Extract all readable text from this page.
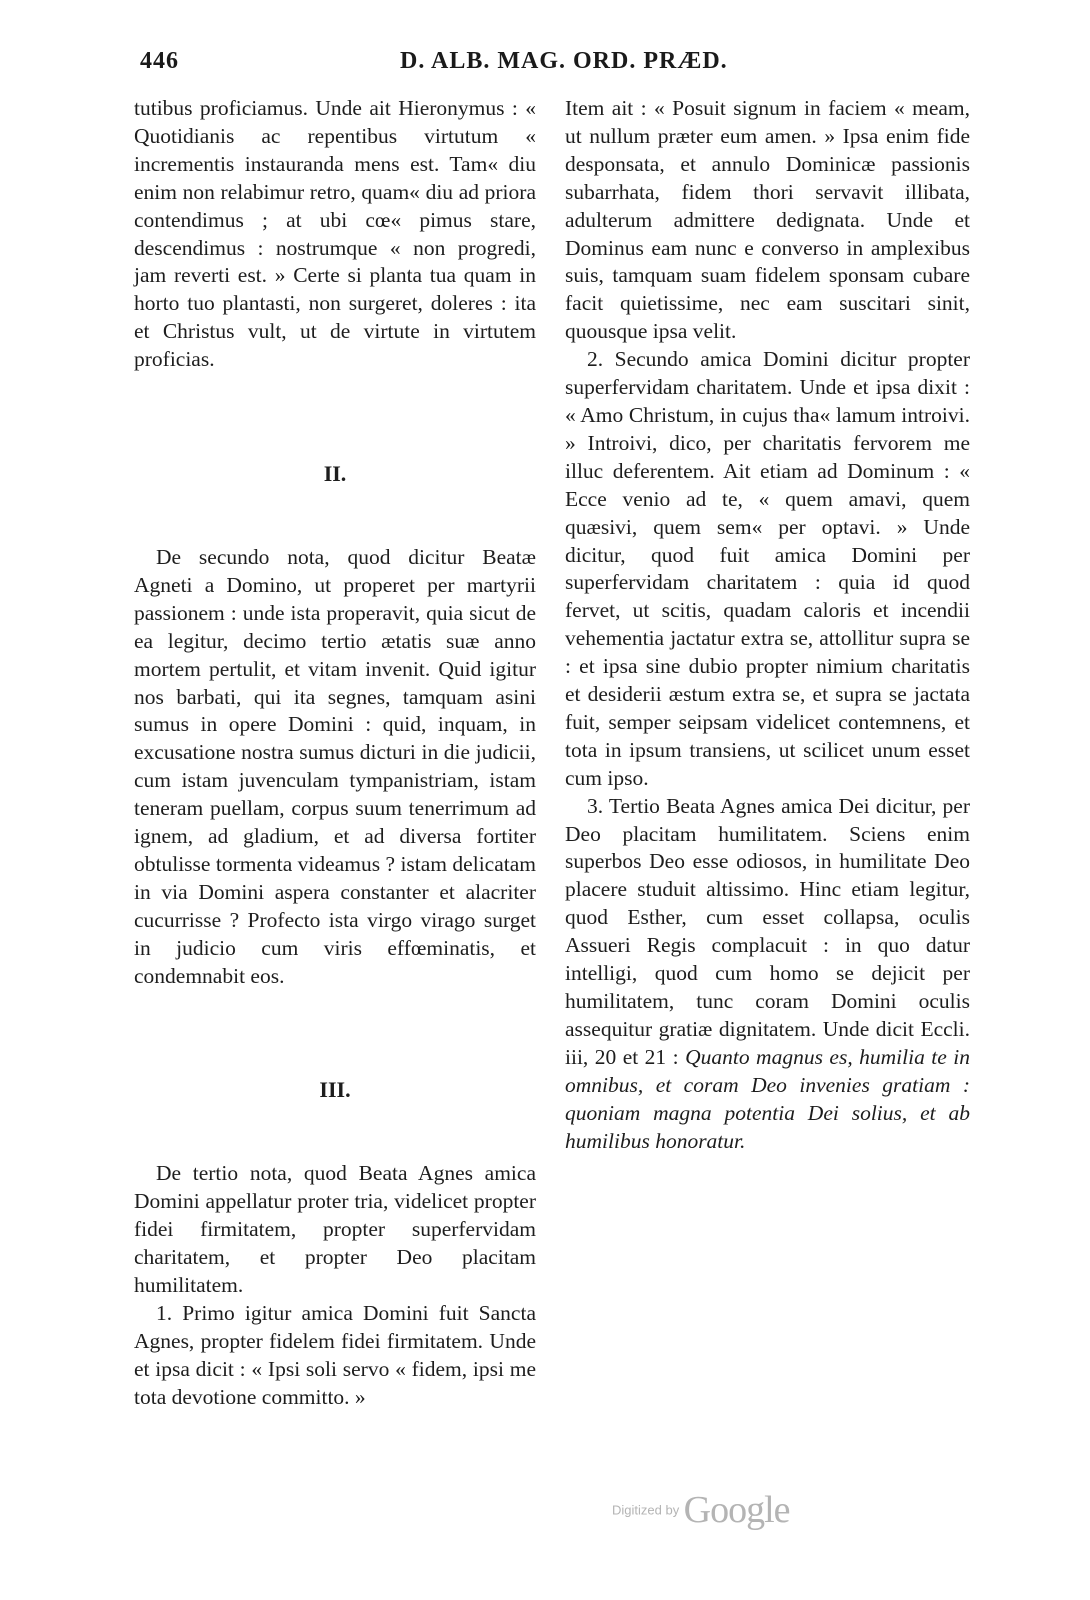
446	D. ALB. MAG. ORD. PRÆD.

tutibus proficiamus. Unde ait Hieronymus : « Quotidianis ac repentibus virtutum « incrementis instauranda mens est. Tam« diu enim non relabimur retro, quam« diu ad priora contendimus ; at ubi cœ« pimus stare, descendimus : nostrumque « non progredi, jam reverti est. » Certe si planta tua quam in horto tuo plantasti, non surgeret, doleres : ita et Christus vult, ut de virtute in virtutem proficias.

II.

De secundo nota, quod dicitur Beatæ Agneti a Domino, ut properet per martyrii passionem : unde ista properavit, quia sicut de ea legitur, decimo tertio ætatis suæ anno mortem pertulit, et vitam invenit. Quid igitur nos barbati, qui ita segnes, tamquam asini sumus in opere Domini : quid, inquam, in excusatione nostra sumus dicturi in die judicii, cum istam juvenculam tympanistriam, istam teneram puellam, corpus suum tenerrimum ad ignem, ad gladium, et ad diversa fortiter obtulisse tormenta videamus ? istam delicatam in via Domini aspera constanter et alacriter cucurrisse ? Profecto ista virgo virago surget in judicio cum viris effœminatis, et condemnabit eos.

III.

De tertio nota, quod Beata Agnes amica Domini appellatur proter tria, videlicet propter fidei firmitatem, propter superfervidam charitatem, et propter Deo placitam humilitatem.

1. Primo igitur amica Domini fuit Sancta Agnes, propter fidelem fidei firmitatem. Unde et ipsa dicit : « Ipsi soli servo « fidem, ipsi me tota devotione committo. »

Item ait : « Posuit signum in faciem « meam, ut nullum præter eum amen. » Ipsa enim fide desponsata, et annulo Dominicæ passionis subarrhata, fidem thori servavit illibata, adulterum admittere dedignata. Unde et Dominus eam nunc e converso in amplexibus suis, tamquam suam fidelem sponsam cubare facit quietissime, nec eam suscitari sinit, quousque ipsa velit.

2. Secundo amica Domini dicitur propter superfervidam charitatem. Unde et ipsa dixit : « Amo Christum, in cujus tha« lamum introivi. » Introivi, dico, per charitatis fervorem me illuc deferentem. Ait etiam ad Dominum : « Ecce venio ad te, « quem amavi, quem quæsivi, quem sem« per optavi. » Unde dicitur, quod fuit amica Domini per superfervidam charitatem : quia id quod fervet, ut scitis, quadam caloris et incendii vehementia jactatur extra se, attollitur supra se : et ipsa sine dubio propter nimium charitatis et desiderii æstum extra se, et supra se jactata fuit, semper seipsam videlicet contemnens, et tota in ipsum transiens, ut scilicet unum esset cum ipso.

3. Tertio Beata Agnes amica Dei dicitur, per Deo placitam humilitatem. Sciens enim superbos Deo esse odiosos, in humilitate Deo placere studuit altissimo. Hinc etiam legitur, quod Esther, cum esset collapsa, oculis Assueri Regis complacuit : in quo datur intelligi, quod cum homo se dejicit per humilitatem, tunc coram Domini oculis assequitur gratiæ dignitatem. Unde dicit Eccli. iii, 20 et 21 : Quanto magnus es, humilia te in omnibus, et coram Deo invenies gratiam : quoniam magna potentia Dei solius, et ab humilibus honoratur.

Digitized by Google
